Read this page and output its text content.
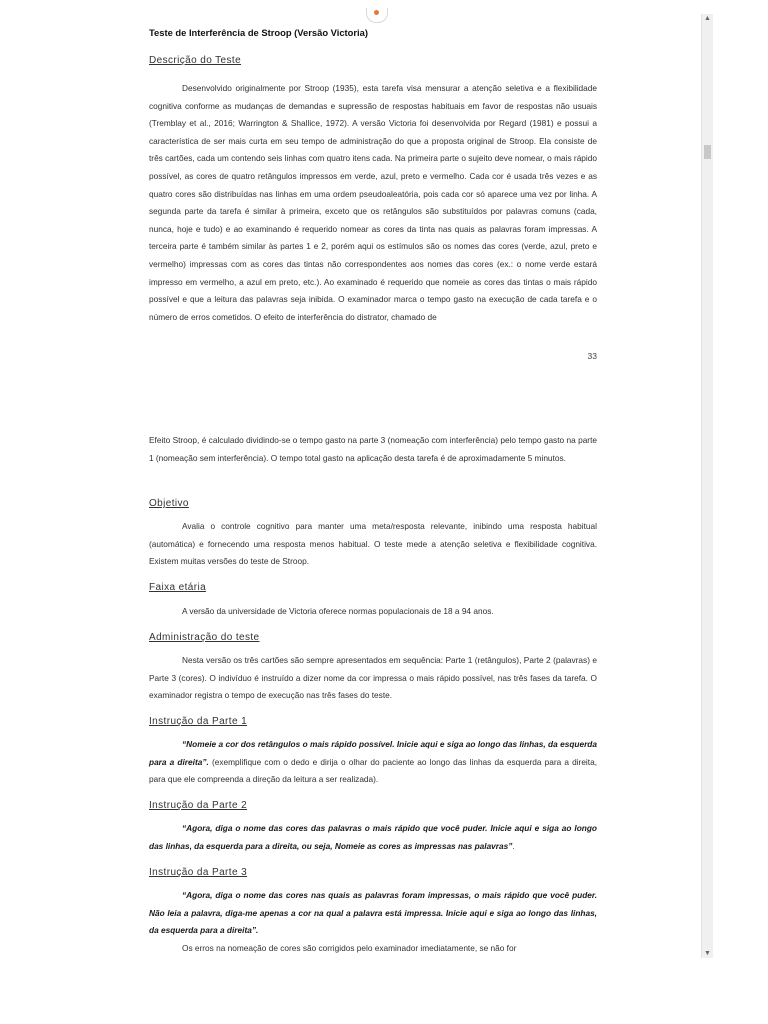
Teste de Interferência de Stroop (Versão Victoria)
Descrição do Teste
Desenvolvido originalmente por Stroop (1935), esta tarefa visa mensurar a atenção seletiva e a flexibilidade cognitiva conforme as mudanças de demandas e supressão de respostas habituais em favor de respostas não usuais (Tremblay et al., 2016; Warrington & Shallice, 1972). A versão Victoria foi desenvolvida por Regard (1981) e possui a característica de ser mais curta em seu tempo de administração do que a proposta original de Stroop. Ela consiste de três cartões, cada um contendo seis linhas com quatro itens cada. Na primeira parte o sujeito deve nomear, o mais rápido possível, as cores de quatro retângulos impressos em verde, azul, preto e vermelho. Cada cor é usada três vezes e as quatro cores são distribuídas nas linhas em uma ordem pseudoaleatória, pois cada cor só aparece uma vez por linha. A segunda parte da tarefa é similar à primeira, exceto que os retângulos são substituídos por palavras comuns (cada, nunca, hoje e tudo) e ao examinando é requerido nomear as cores da tinta nas quais as palavras foram impressas. A terceira parte é também similar às partes 1 e 2, porém aqui os estímulos são os nomes das cores (verde, azul, preto e vermelho) impressas com as cores das tintas não correspondentes aos nomes das cores (ex.: o nome verde estará impresso em vermelho, a azul em preto, etc.). Ao examinado é requerido que nomeie as cores das tintas o mais rápido possível e que a leitura das palavras seja inibida. O examinador marca o tempo gasto na execução de cada tarefa e o número de erros cometidos. O efeito de interferência do distrator, chamado de
33
Efeito Stroop, é calculado dividindo-se o tempo gasto na parte 3 (nomeação com interferência) pelo tempo gasto na parte 1 (nomeação sem interferência). O tempo total gasto na aplicação desta tarefa é de aproximadamente 5 minutos.
Objetivo
Avalia o controle cognitivo para manter uma meta/resposta relevante, inibindo uma resposta habitual (automática) e fornecendo uma resposta menos habitual. O teste mede a atenção seletiva e flexibilidade cognitiva. Existem muitas versões do teste de Stroop.
Faixa etária
A versão da universidade de Victoria oferece normas populacionais de 18 a 94 anos.
Administração do teste
Nesta versão os três cartões são sempre apresentados em sequência: Parte 1 (retângulos), Parte 2 (palavras) e Parte 3 (cores). O indivíduo é instruído a dizer nome da cor impressa o mais rápido possível, nas três fases da tarefa. O examinador registra o tempo de execução nas três fases do teste.
Instrução da Parte 1
“Nomeie a cor dos retângulos o mais rápido possível. Inicie aqui e siga ao longo das linhas, da esquerda para a direita”. (exemplifique com o dedo e dirija o olhar do paciente ao longo das linhas da esquerda para a direita, para que ele compreenda a direção da leitura a ser realizada).
Instrução da Parte 2
“Agora, diga o nome das cores das palavras o mais rápido que você puder. Inicie aqui e siga ao longo das linhas, da esquerda para a direita, ou seja, Nomeie as cores as impressas nas palavras”.
Instrução da Parte 3
“Agora, diga o nome das cores nas quais as palavras foram impressas, o mais rápido que você puder. Não leia a palavra, diga-me apenas a cor na qual a palavra está impressa. Inicie aqui e siga ao longo das linhas, da esquerda para a direita”.
Os erros na nomeação de cores são corrigidos pelo examinador imediatamente, se não for
▲
▼
